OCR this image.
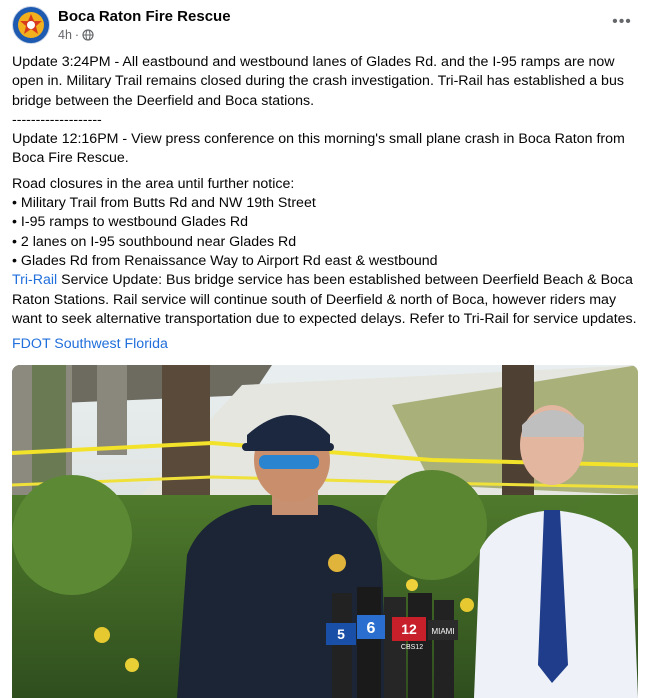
Boca Raton Fire Rescue
4h ·
•••

Update 3:24PM - All eastbound and westbound lanes of Glades Rd. and the I-95 ramps are now open in. Military Trail remains closed during the crash investigation. Tri-Rail has established a bus bridge between the Deerfield and Boca stations.

-------------------

Update 12:16PM - View press conference on this morning's small plane crash in Boca Raton from Boca Fire Rescue.

Road closures in the area until further notice:

• Military Trail from Butts Rd and NW 19th Street

• I-95 ramps to westbound Glades Rd

• 2 lanes on I-95 southbound near Glades Rd

• Glades Rd from Renaissance Way to Airport Rd east & westbound

Tri-Rail Service Update: Bus bridge service has been established between Deerfield Beach & Boca Raton Stations. Rail service will continue south of Deerfield & north of Boca, however riders may want to seek alternative transportation due to expected delays. Refer to Tri-Rail for service updates.

FDOT Southwest Florida
5 6 12
CBS12
MIAMI
